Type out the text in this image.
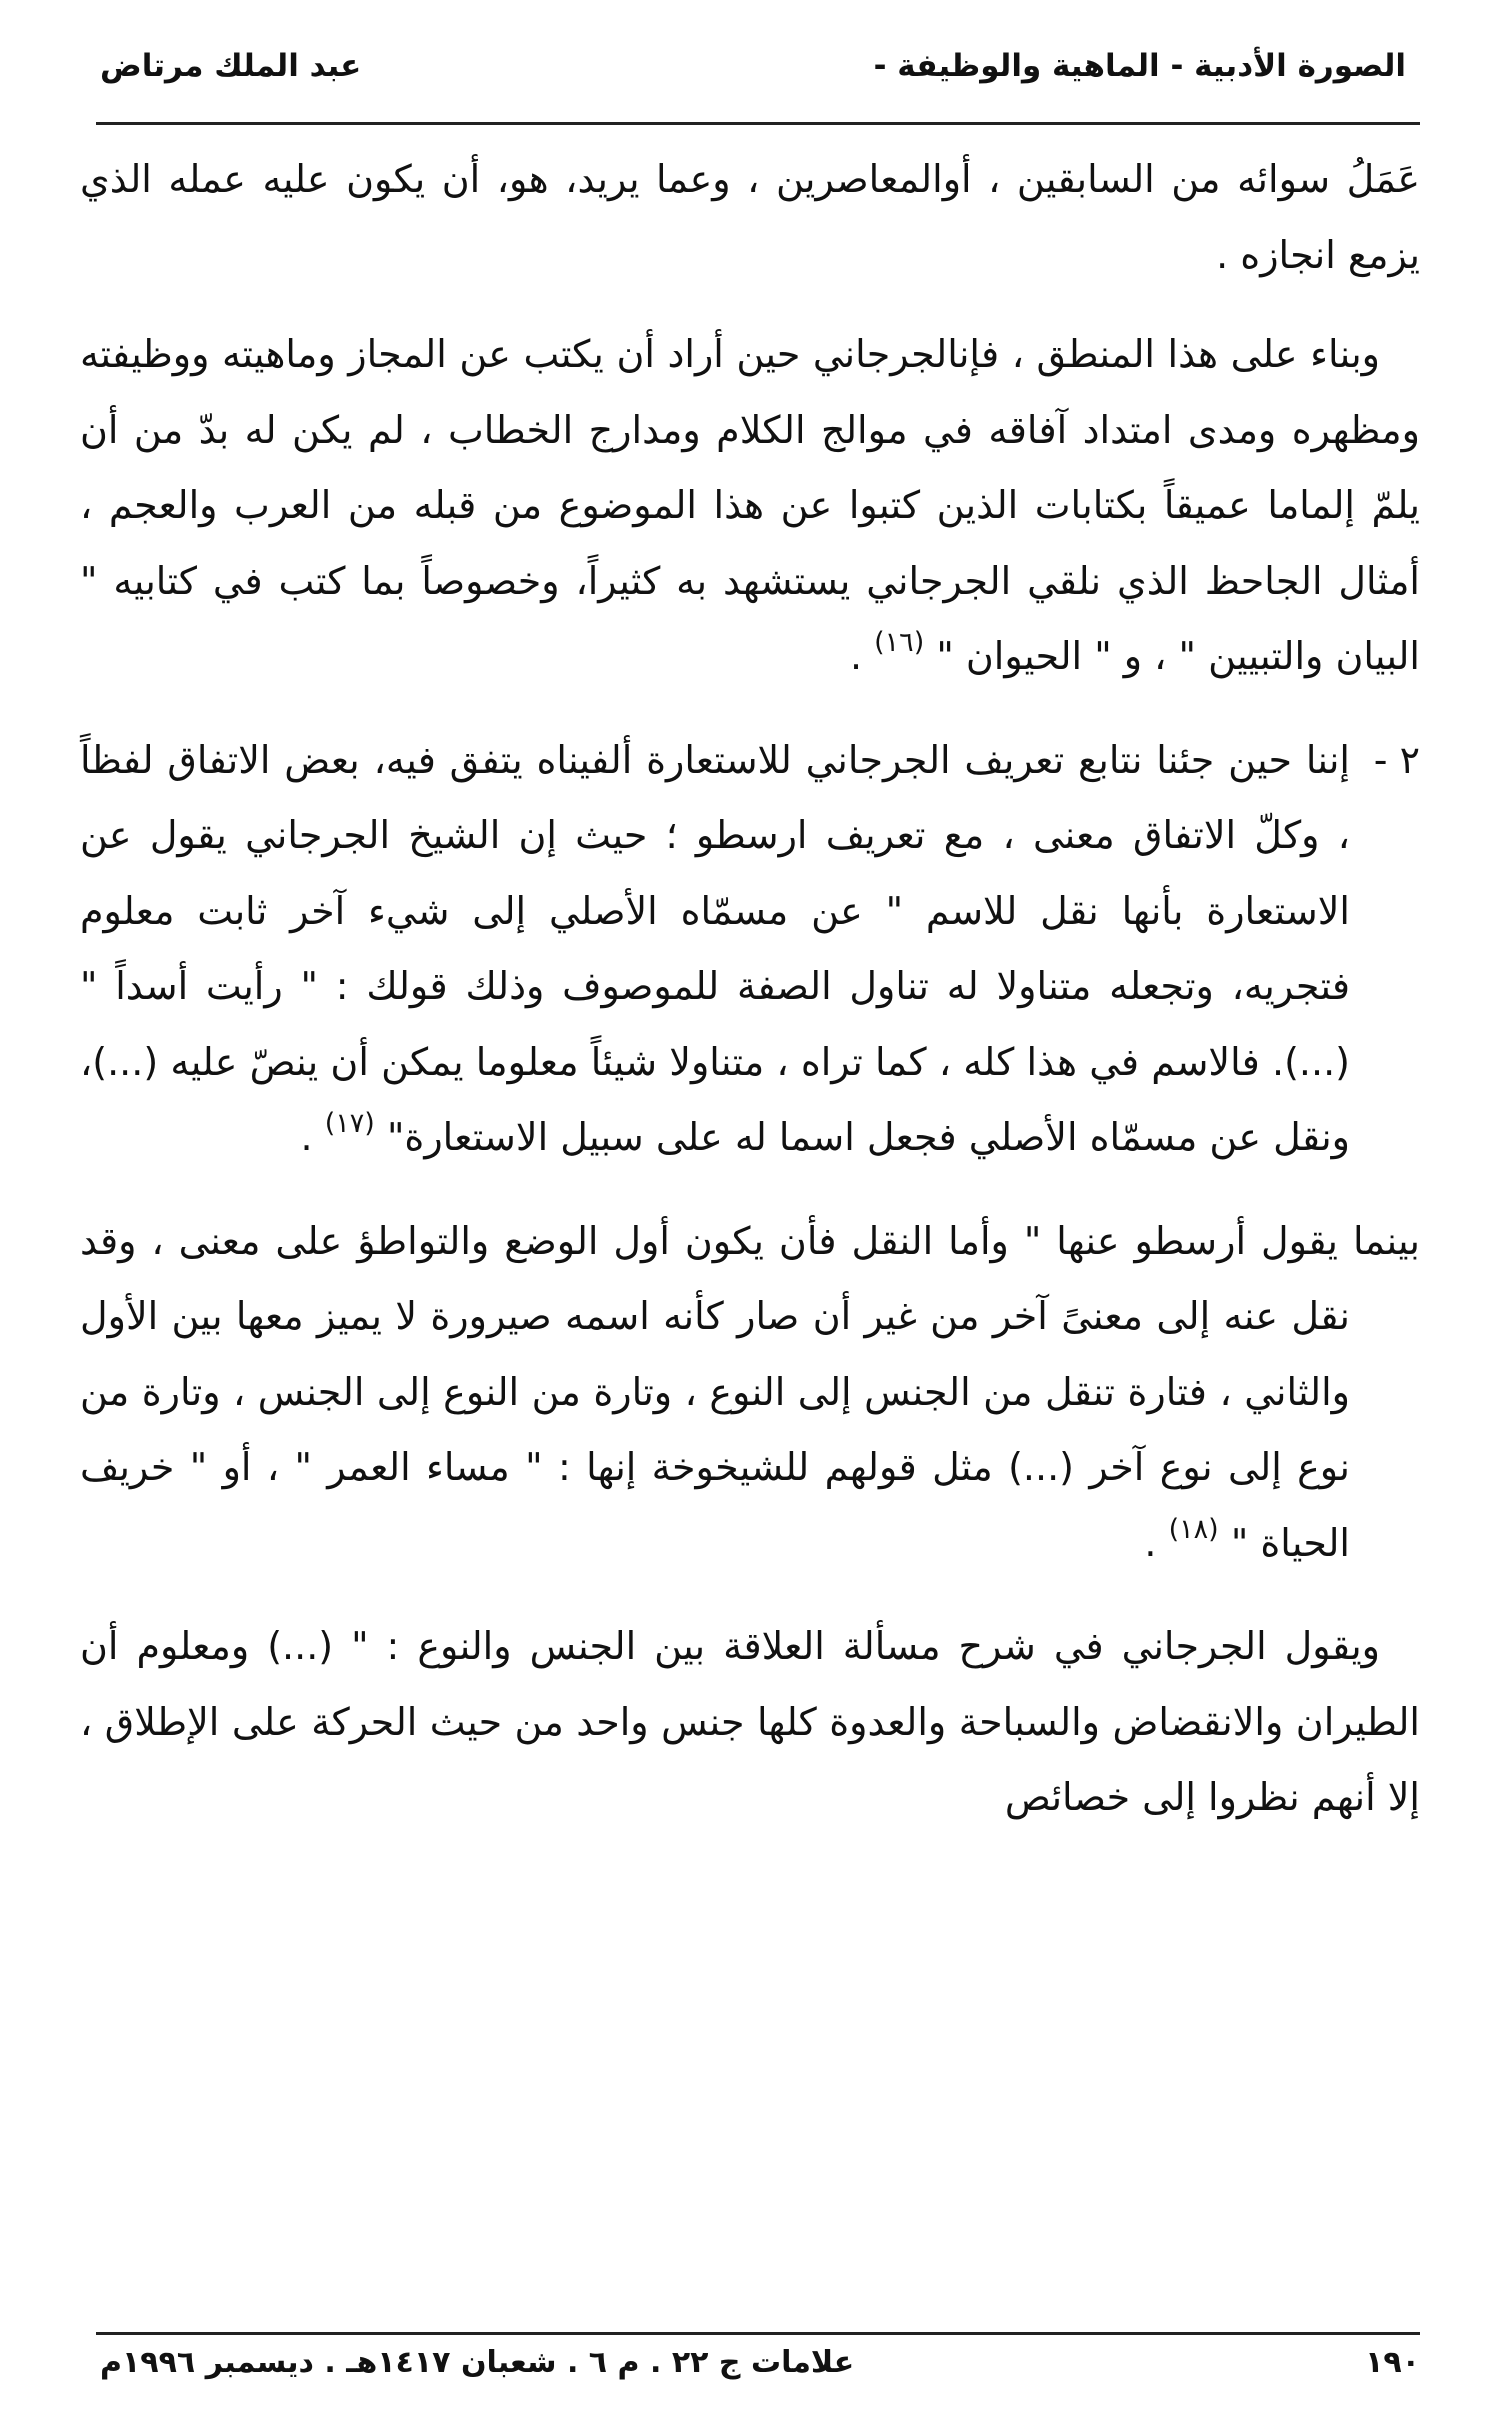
الصورة الأدبية - الماهية والوظيفة -
عبد الملك مرتاض

عَمَلُ سوائه من السابقين ، أوالمعاصرين ، وعما يريد، هو، أن يكون عليه عمله الذي يزمع انجازه .

وبناء على هذا المنطق ، فإنالجرجاني حين أراد أن يكتب عن المجاز وماهيته ووظيفته ومظهره ومدى امتداد آفاقه في موالج الكلام ومدارج الخطاب ، لم يكن له بدّ من أن يلمّ إلماما عميقاً بكتابات الذين كتبوا عن هذا الموضوع من قبله من العرب والعجم ، أمثال الجاحظ الذي نلقي الجرجاني يستشهد به كثيراً، وخصوصاً بما كتب في كتابيه " البيان والتبيين " ، و " الحيوان " $^{(١٦)}$ .

٢ -
إننا حين جئنا نتابع تعريف الجرجاني للاستعارة ألفيناه يتفق فيه، بعض الاتفاق لفظاً ، وكلّ الاتفاق معنى ، مع تعريف ارسطو ؛ حيث إن الشيخ الجرجاني يقول عن الاستعارة بأنها نقل للاسم " عن مسمّاه الأصلي إلى شيء آخر ثابت معلوم فتجريه، وتجعله متناولا له تناول الصفة للموصوف وذلك قولك : " رأيت أسداً " (...). فالاسم في هذا كله ، كما تراه ، متناولا شيئاً معلوما يمكن أن ينصّ عليه (...)، ونقل عن مسمّاه الأصلي فجعل اسما له على سبيل الاستعارة" $^{(١٧)}$ .

بينما يقول أرسطو عنها " وأما النقل فأن يكون أول الوضع والتواطؤ على معنى ، وقد نقل عنه إلى معنىً آخر من غير أن صار كأنه اسمه صيرورة لا يميز معها بين الأول والثاني ، فتارة تنقل من الجنس إلى النوع ، وتارة من النوع إلى الجنس ، وتارة من نوع إلى نوع آخر (...) مثل قولهم للشيخوخة إنها : " مساء العمر " ، أو " خريف الحياة " $^{(١٨)}$ .

ويقول الجرجاني في شرح مسألة العلاقة بين الجنس والنوع : " (...) ومعلوم أن الطيران والانقضاض والسباحة والعدوة كلها جنس واحد من حيث الحركة على الإطلاق ، إلا أنهم نظروا إلى خصائص

١٩٠
علامات ج ٢٢ . م ٦ . شعبان ١٤١٧هـ . ديسمبر ١٩٩٦م
